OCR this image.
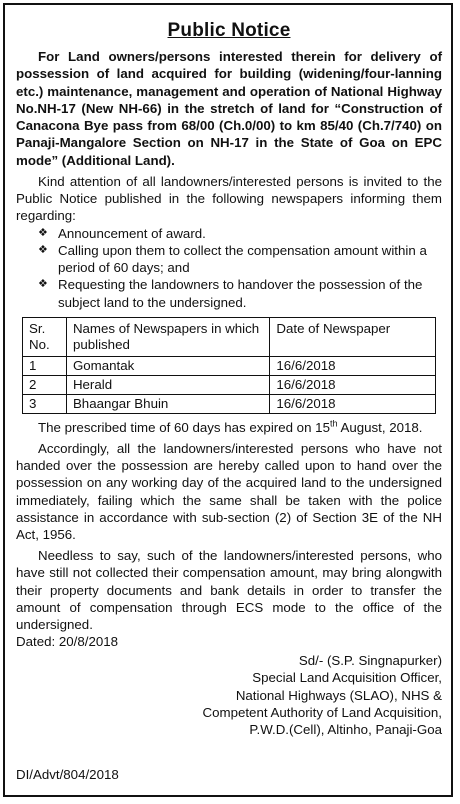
Public Notice

For Land owners/persons interested therein for delivery of possession of land acquired for building (widening/four-lanning etc.) maintenance, management and operation of National Highway No.NH-17 (New NH-66) in the stretch of land for “Construction of Canacona Bye pass from 68/00 (Ch.0/00) to km 85/40 (Ch.7/740) on Panaji-Mangalore Section on NH-17 in the State of Goa on EPC mode” (Additional Land).

Kind attention of all landowners/interested persons is invited to the Public Notice published in the following newspapers informing them regarding:

❖ Announcement of award.
❖ Calling upon them to collect the compensation amount within a period of 60 days; and
❖ Requesting the landowners to handover the possession of the subject land to the undersigned.
Sr. No.	Names of Newspapers in which published	Date of Newspaper
1	Gomantak	16/6/2018
2	Herald	16/6/2018
3	Bhaangar Bhuin	16/6/2018

The prescribed time of 60 days has expired on 15th August, 2018.

Accordingly, all the landowners/interested persons who have not handed over the possession are hereby called upon to hand over the possession on any working day of the acquired land to the undersigned immediately, failing which the same shall be taken with the police assistance in accordance with sub-section (2) of Section 3E of the NH Act, 1956.

Needless to say, such of the landowners/interested persons, who have still not collected their compensation amount, may bring alongwith their property documents and bank details in order to transfer the amount of compensation through ECS mode to the office of the undersigned.

Dated: 20/8/2018
Sd/- (S.P. Singnapurker)
Special Land Acquisition Officer,
National Highways (SLAO), NHS &
Competent Authority of Land Acquisition,
P.W.D.(Cell), Altinho, Panaji-Goa
DI/Advt/804/2018
